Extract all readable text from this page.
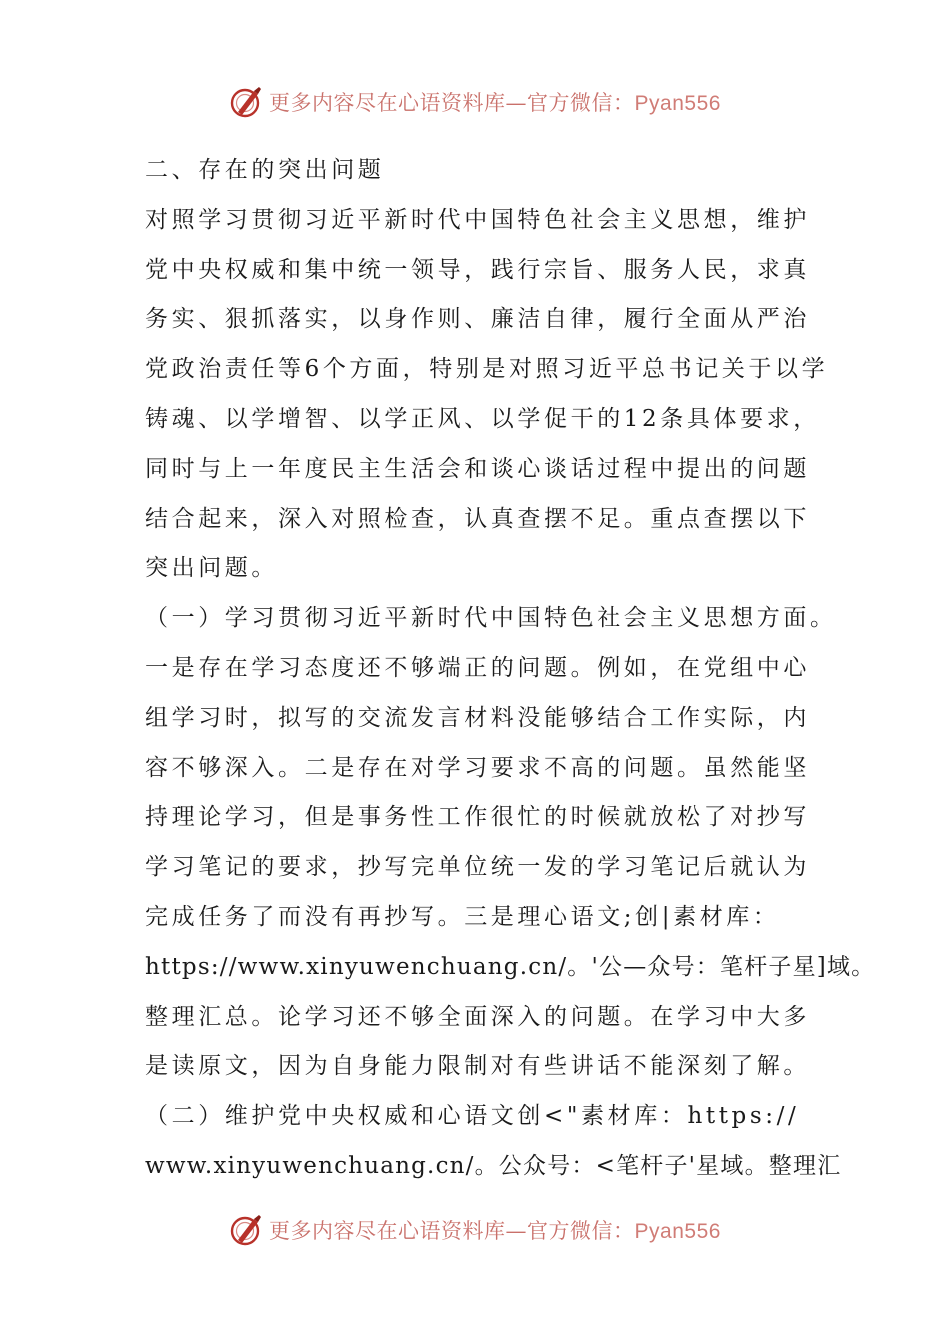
更多内容尽在心语资料库—官方微信：Pyan556
二、存在的突出问题
对照学习贯彻习近平新时代中国特色社会主义思想，维护
党中央权威和集中统一领导，践行宗旨、服务人民，求真
务实、狠抓落实，以身作则、廉洁自律，履行全面从严治
党政治责任等6个方面，特别是对照习近平总书记关于以学
铸魂、以学增智、以学正风、以学促干的12条具体要求，
同时与上一年度民主生活会和谈心谈话过程中提出的问题
结合起来，深入对照检查，认真查摆不足。重点查摆以下
突出问题。
（一）学习贯彻习近平新时代中国特色社会主义思想方面。
一是存在学习态度还不够端正的问题。例如，在党组中心
组学习时，拟写的交流发言材料没能够结合工作实际，内
容不够深入。二是存在对学习要求不高的问题。虽然能坚
持理论学习，但是事务性工作很忙的时候就放松了对抄写
学习笔记的要求，抄写完单位统一发的学习笔记后就认为
完成任务了而没有再抄写。三是理心语文;创|素材库：
https://www.xinyuwenchuang.cn/。'公—众号：笔杆子星]域。
整理汇总。论学习还不够全面深入的问题。在学习中大多
是读原文，因为自身能力限制对有些讲话不能深刻了解。
（二）维护党中央权威和心语文创<"素材库：https://
www.xinyuwenchuang.cn/。公众号：<笔杆子'星域。整理汇
更多内容尽在心语资料库—官方微信：Pyan556
